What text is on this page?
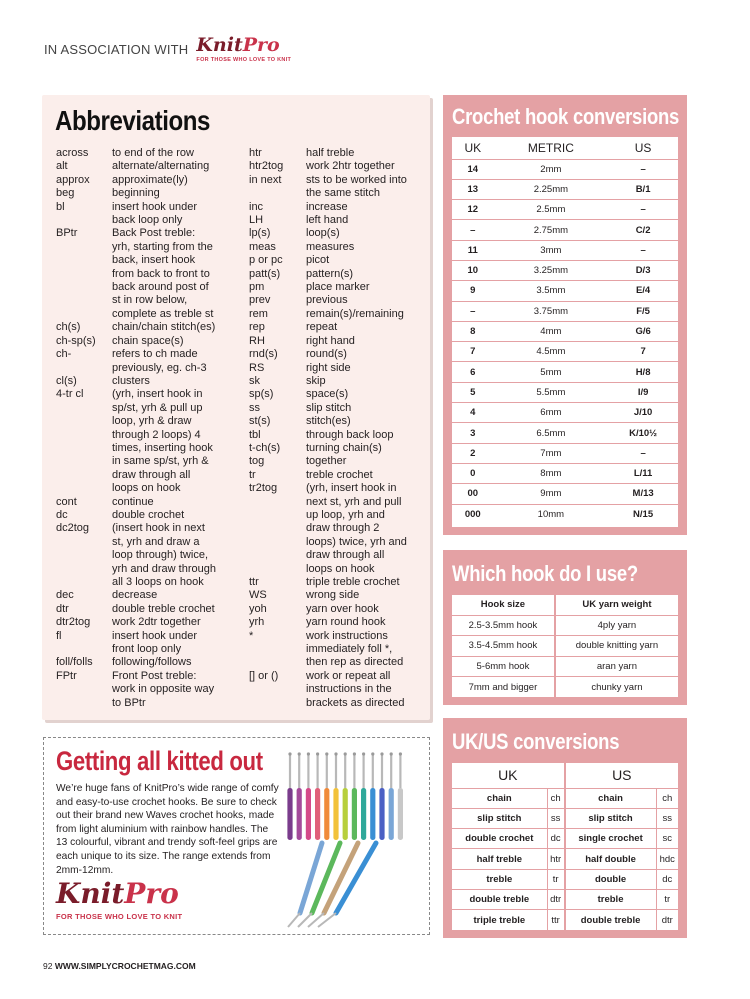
IN ASSOCIATION WITH KnitPro
FOR THOSE WHO LOVE TO KNIT
Abbreviations
across	to end of the row
alt	alternate/alternating
approx	approximate(ly)
beg	beginning
bl	insert hook under
back loop only
BPtr	Back Post treble:
yrh, starting from the
back, insert hook
from back to front to
back around post of
st in row below,
complete as treble st
ch(s)	chain/chain stitch(es)
ch-sp(s)	chain space(s)
ch-	refers to ch made
previously, eg. ch-3
cl(s)	clusters
4-tr cl	(yrh, insert hook in
sp/st, yrh & pull up
loop, yrh & draw
through 2 loops) 4
times, inserting hook
in same sp/st, yrh &
draw through all
loops on hook
cont	continue
dc	double crochet
dc2tog	(insert hook in next
st, yrh and draw a
loop through) twice,
yrh and draw through
all 3 loops on hook
dec	decrease
dtr	double treble crochet
dtr2tog	work 2dtr together
fl	insert hook under
front loop only
foll/folls	following/follows
FPtr	Front Post treble:
work in opposite way
to BPtr
htr	half treble
htr2tog	work 2htr together
in next	sts to be worked into
the same stitch
inc	increase
LH	left hand
lp(s)	loop(s)
meas	measures
p or pc	picot
patt(s)	pattern(s)
pm	place marker
prev	previous
rem	remain(s)/remaining
rep	repeat
RH	right hand
rnd(s)	round(s)
RS	right side
sk	skip
sp(s)	space(s)
ss	slip stitch
st(s)	stitch(es)
tbl	through back loop
t-ch(s)	turning chain(s)
tog	together
tr	treble crochet
tr2tog	(yrh, insert hook in
next st, yrh and pull
up loop, yrh and
draw through 2
loops) twice, yrh and
draw through all
loops on hook
ttr	triple treble crochet
WS	wrong side
yoh	yarn over hook
yrh	yarn round hook
*	work instructions
immediately foll *,
then rep as directed
[] or ()	work or repeat all
instructions in the
brackets as directed
Crochet hook conversions
UK	METRIC	US
14	2mm	–
13	2.25mm	B/1
12	2.5mm	–
–	2.75mm	C/2
11	3mm	–
10	3.25mm	D/3
9	3.5mm	E/4
–	3.75mm	F/5
8	4mm	G/6
7	4.5mm	7
6	5mm	H/8
5	5.5mm	I/9
4	6mm	J/10
3	6.5mm	K/10½
2	7mm	–
0	8mm	L/11
00	9mm	M/13
000	10mm	N/15
Which hook do I use?
Hook size	UK yarn weight
2.5-3.5mm hook	4ply yarn
3.5-4.5mm hook	double knitting yarn
5-6mm hook	aran yarn
7mm and bigger	chunky yarn
UK/US conversions
UK		US	
chain	ch	chain	ch
slip stitch	ss	slip stitch	ss
double crochet	dc	single crochet	sc
half treble	htr	half double	hdc
treble	tr	double	dc
double treble	dtr	treble	tr
triple treble	ttr	double treble	dtr
Getting all kitted out
We’re huge fans of KnitPro’s wide range of comfy and easy-to-use crochet hooks. Be sure to check out their brand new Waves crochet hooks, made from light aluminium with rainbow handles. The 13 colourful, vibrant and trendy soft-feel grips are each unique to its size. The range extends from 2mm-12mm.
KnitPro
FOR THOSE WHO LOVE TO KNIT
92 WWW.SIMPLYCROCHETMAG.COM
